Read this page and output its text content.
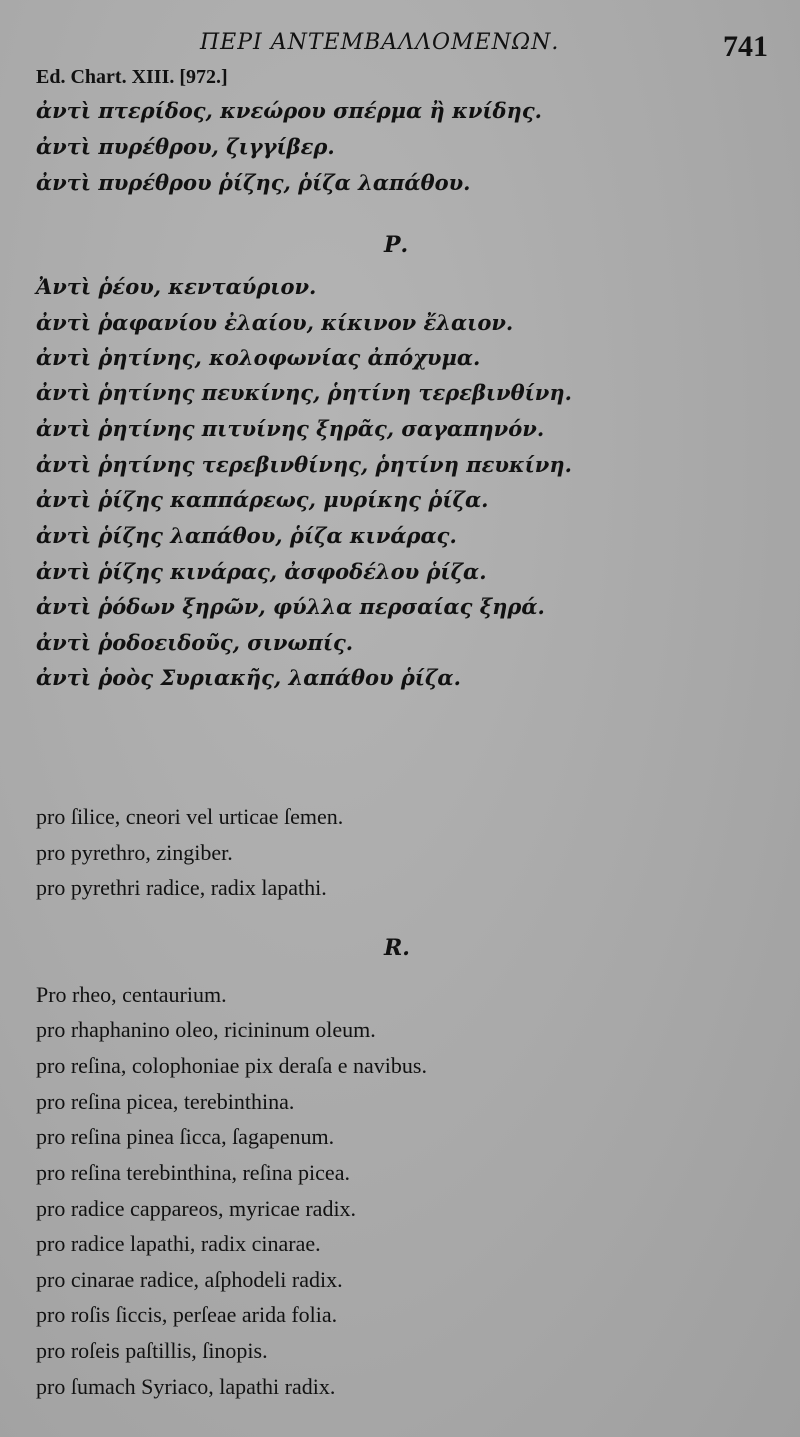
ΠΕΡΙ ΑΝΤΕΜΒΑΛΛΟΜΕΝΩΝ.	741
Ed. Chart. XIII. [972.]
ἀντὶ πτερίδος, κνεώρου σπέρμα ἢ κνίδης.
ἀντὶ πυρέθρου, ζιγγίβερ.
ἀντὶ πυρέθρου ῥίζης, ῥίζα λαπάθου.
Ρ.
Ἀντὶ ῥέου, κενταύριον.
ἀντὶ ῥαφανίου ἐλαίου, κίκινον ἔλαιον.
ἀντὶ ῥητίνης, κολοφωνίας ἀπόχυμα.
ἀντὶ ῥητίνης πευκίνης, ῥητίνη τερεβινθίνη.
ἀντὶ ῥητίνης πιτυίνης ξηρᾶς, σαγαπηνόν.
ἀντὶ ῥητίνης τερεβινθίνης, ῥητίνη πευκίνη.
ἀντὶ ῥίζης καππάρεως, μυρίκης ῥίζα.
ἀντὶ ῥίζης λαπάθου, ῥίζα κινάρας.
ἀντὶ ῥίζης κινάρας, ἀσφοδέλου ῥίζα.
ἀντὶ ῥόδων ξηρῶν, φύλλα περσαίας ξηρά.
ἀντὶ ῥοδοειδοῦς, σινωπίς.
ἀντὶ ῥοὸς Συριακῆς, λαπάθου ῥίζα.
pro ſilice, cneori vel urticae ſemen.
pro pyrethro, zingiber.
pro pyrethri radice, radix lapathi.
R.
Pro rheo, centaurium.
pro rhaphanino oleo, ricininum oleum.
pro reſina, colophoniae pix deraſa e navibus.
pro reſina picea, terebinthina.
pro reſina pinea ſicca, ſagapenum.
pro reſina terebinthina, reſina picea.
pro radice cappareos, myricae radix.
pro radice lapathi, radix cinarae.
pro cinarae radice, aſphodeli radix.
pro roſis ſiccis, perſeae arida folia.
pro roſeis paſtillis, ſinopis.
pro ſumach Syriaco, lapathi radix.
